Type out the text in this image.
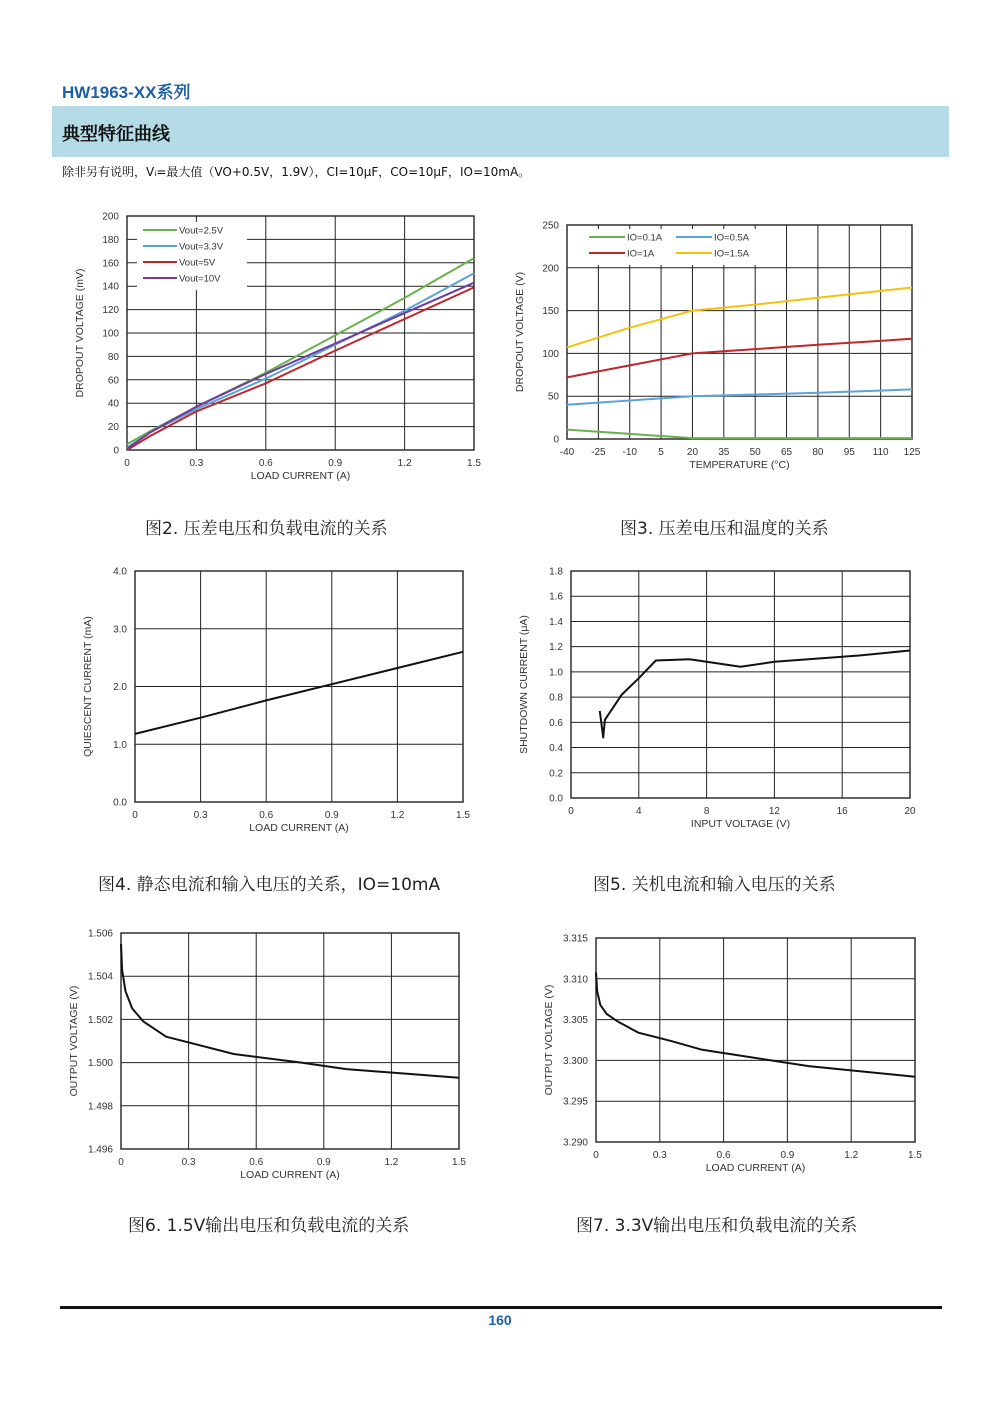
HW1963-XX系列
典型特征曲线
除非另有说明，Vᵢ=最大值（VO+0.5V，1.9V），CI=10μF，CO=10μF，IO=10mA。
0	0.3	0.6	0.9	1.2	1.5
0
20
40
60
80
100
120
140
160
180
200
LOAD CURRENT (A)
DROPOUT VOLTAGE (mV)
Vout=2.5V
Vout=3.3V
Vout=5V
Vout=10V
-40 -25 -10 5 20 35 50 65 80 95 110 125
0
50
100
150
200
250
TEMPERATURE (°C)
DROPOUT VOLTAGE (V)
IO=0.1A	IO=0.5A
IO=1A	IO=1.5A
0	0.3	0.6	0.9	1.2	1.5
0.0
1.0
2.0
3.0
4.0
LOAD CURRENT (A)
QUIESCENT CURRENT (mA)
0	4	8	12	16	20
0.0
0.2
0.4
0.6
0.8
1.0
1.2
1.4
1.6
1.8
INPUT VOLTAGE (V)
SHUTDOWN CURRENT (μA)
0	0.3	0.6	0.9	1.2	1.5
1.496
1.498
1.500
1.502
1.504
1.506
LOAD CURRENT (A)
OUTPUT VOLTAGE (V)
0	0.3	0.6	0.9	1.2	1.5
3.290
3.295
3.300
3.305
3.310
3.315
LOAD CURRENT (A)
OUTPUT VOLTAGE (V)
图2. 压差电压和负载电流的关系	图3. 压差电压和温度的关系
图4. 静态电流和输入电压的关系，IO=10mA	图5. 关机电流和输入电压的关系
图6. 1.5V输出电压和负载电流的关系	图7. 3.3V输出电压和负载电流的关系
160
